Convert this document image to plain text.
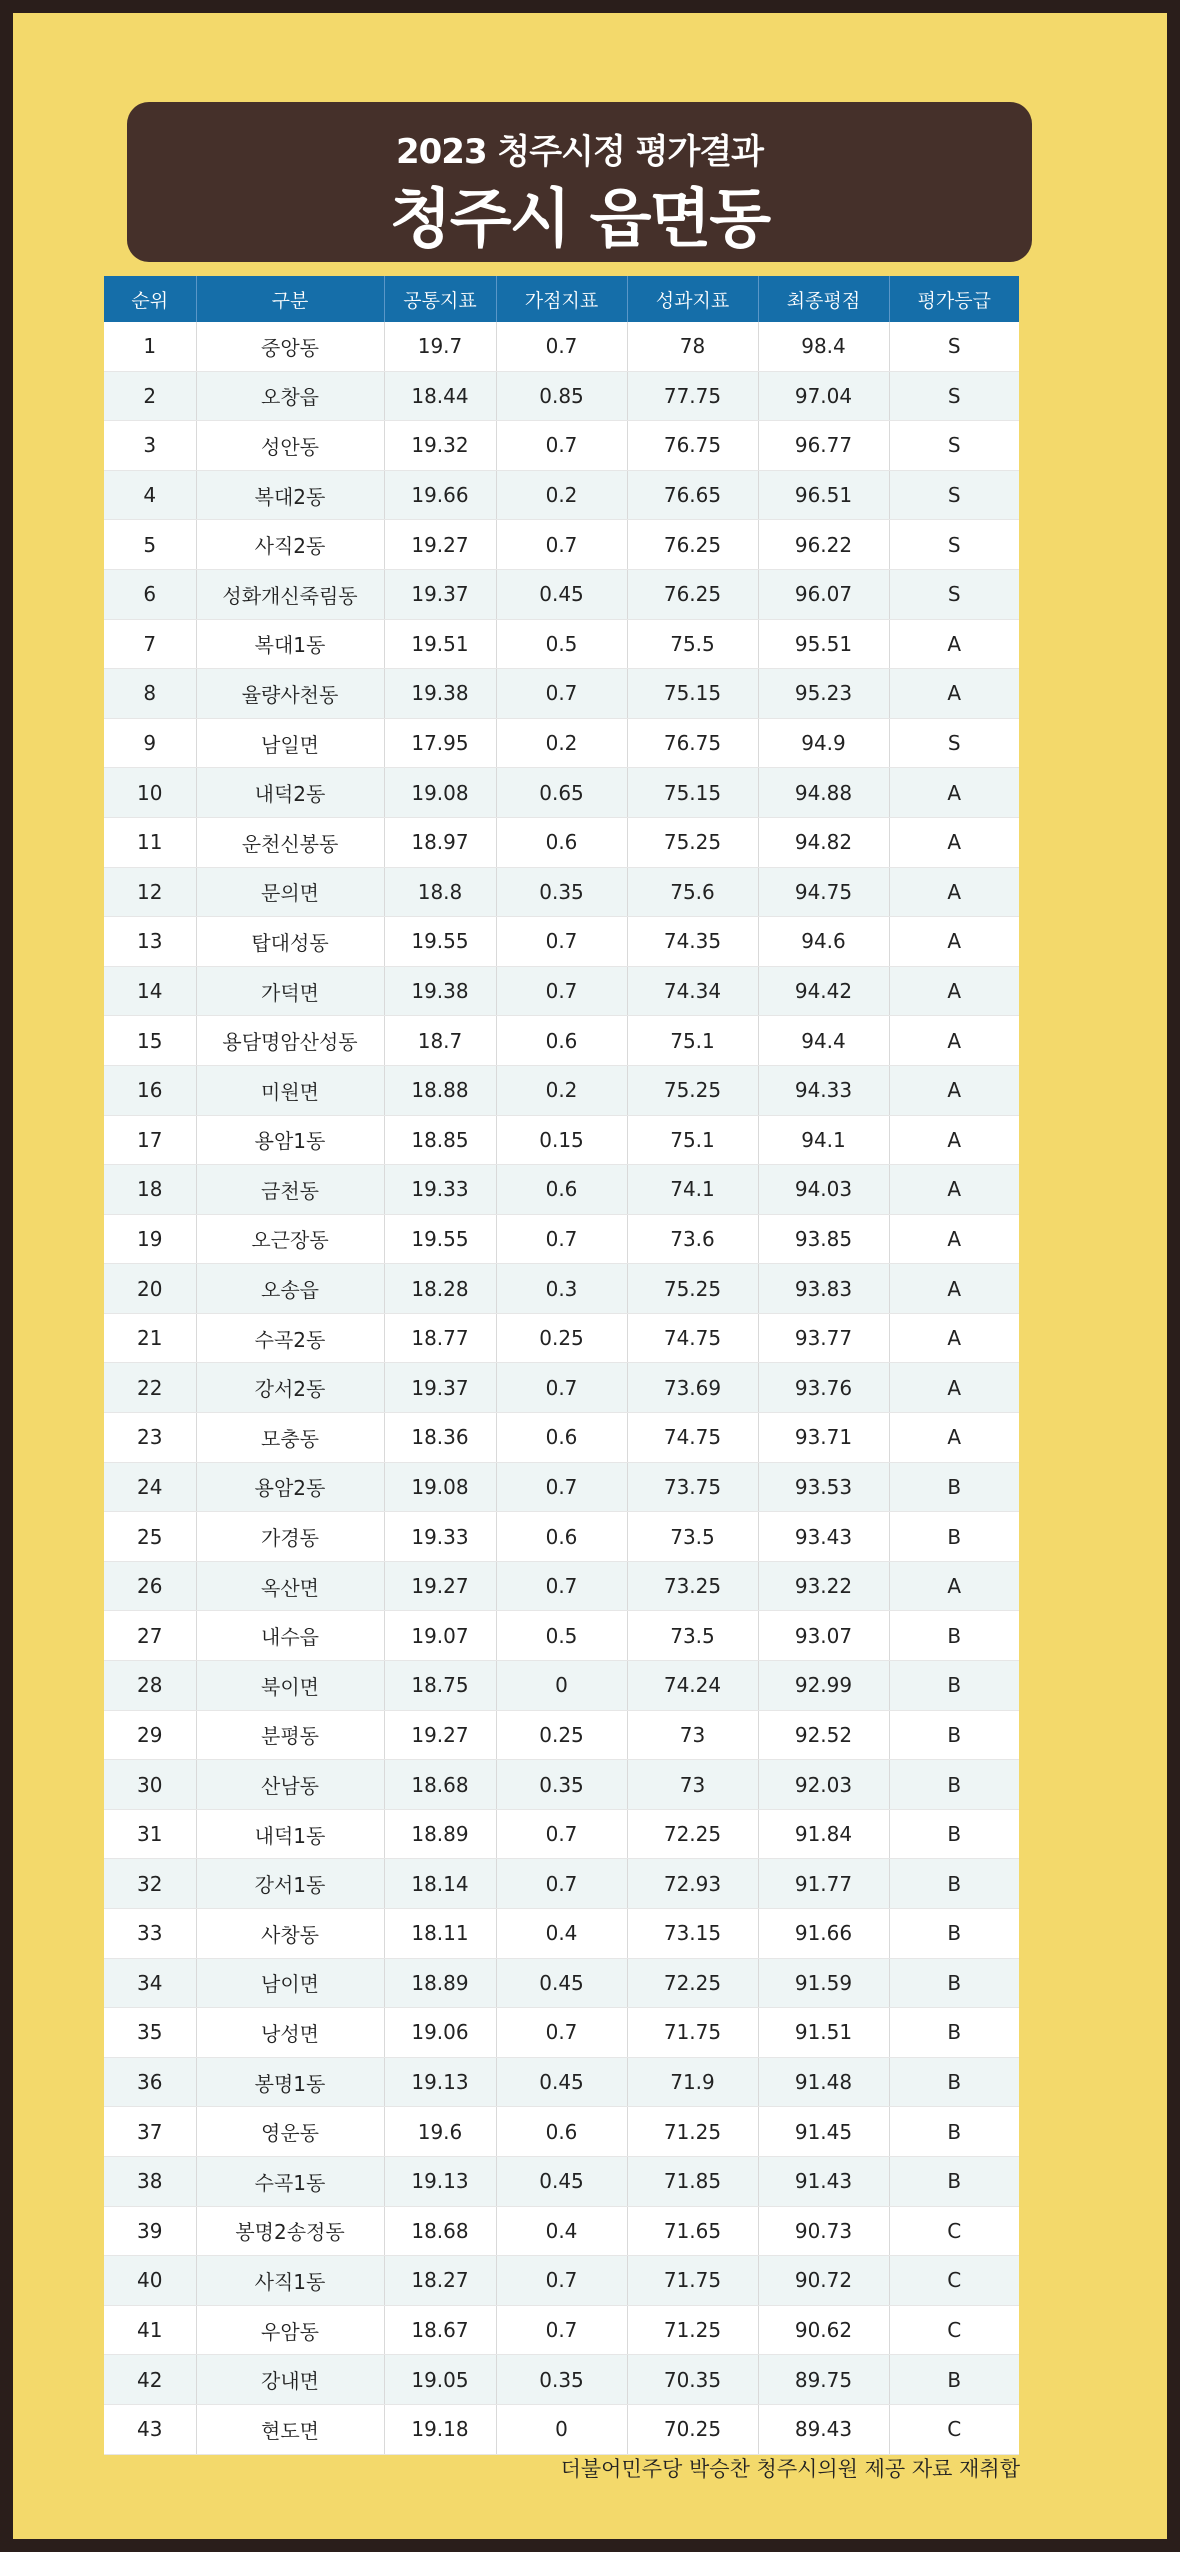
2023 청주시정 평가결과
청주시 읍면동
더불어민주당 박승찬 청주시의원 제공 자료 재취합
순위	구분	공통지표	가점지표	성과지표	최종평점	평가등급
1	중앙동	19.7	0.7	78	98.4	S
2	오창읍	18.44	0.85	77.75	97.04	S
3	성안동	19.32	0.7	76.75	96.77	S
4	복대2동	19.66	0.2	76.65	96.51	S
5	사직2동	19.27	0.7	76.25	96.22	S
6	성화개신죽림동	19.37	0.45	76.25	96.07	S
7	복대1동	19.51	0.5	75.5	95.51	A
8	율량사천동	19.38	0.7	75.15	95.23	A
9	남일면	17.95	0.2	76.75	94.9	S
10	내덕2동	19.08	0.65	75.15	94.88	A
11	운천신봉동	18.97	0.6	75.25	94.82	A
12	문의면	18.8	0.35	75.6	94.75	A
13	탑대성동	19.55	0.7	74.35	94.6	A
14	가덕면	19.38	0.7	74.34	94.42	A
15	용담명암산성동	18.7	0.6	75.1	94.4	A
16	미원면	18.88	0.2	75.25	94.33	A
17	용암1동	18.85	0.15	75.1	94.1	A
18	금천동	19.33	0.6	74.1	94.03	A
19	오근장동	19.55	0.7	73.6	93.85	A
20	오송읍	18.28	0.3	75.25	93.83	A
21	수곡2동	18.77	0.25	74.75	93.77	A
22	강서2동	19.37	0.7	73.69	93.76	A
23	모충동	18.36	0.6	74.75	93.71	A
24	용암2동	19.08	0.7	73.75	93.53	B
25	가경동	19.33	0.6	73.5	93.43	B
26	옥산면	19.27	0.7	73.25	93.22	A
27	내수읍	19.07	0.5	73.5	93.07	B
28	북이면	18.75	0	74.24	92.99	B
29	분평동	19.27	0.25	73	92.52	B
30	산남동	18.68	0.35	73	92.03	B
31	내덕1동	18.89	0.7	72.25	91.84	B
32	강서1동	18.14	0.7	72.93	91.77	B
33	사창동	18.11	0.4	73.15	91.66	B
34	남이면	18.89	0.45	72.25	91.59	B
35	낭성면	19.06	0.7	71.75	91.51	B
36	봉명1동	19.13	0.45	71.9	91.48	B
37	영운동	19.6	0.6	71.25	91.45	B
38	수곡1동	19.13	0.45	71.85	91.43	B
39	봉명2송정동	18.68	0.4	71.65	90.73	C
40	사직1동	18.27	0.7	71.75	90.72	C
41	우암동	18.67	0.7	71.25	90.62	C
42	강내면	19.05	0.35	70.35	89.75	B
43	현도면	19.18	0	70.25	89.43	C
